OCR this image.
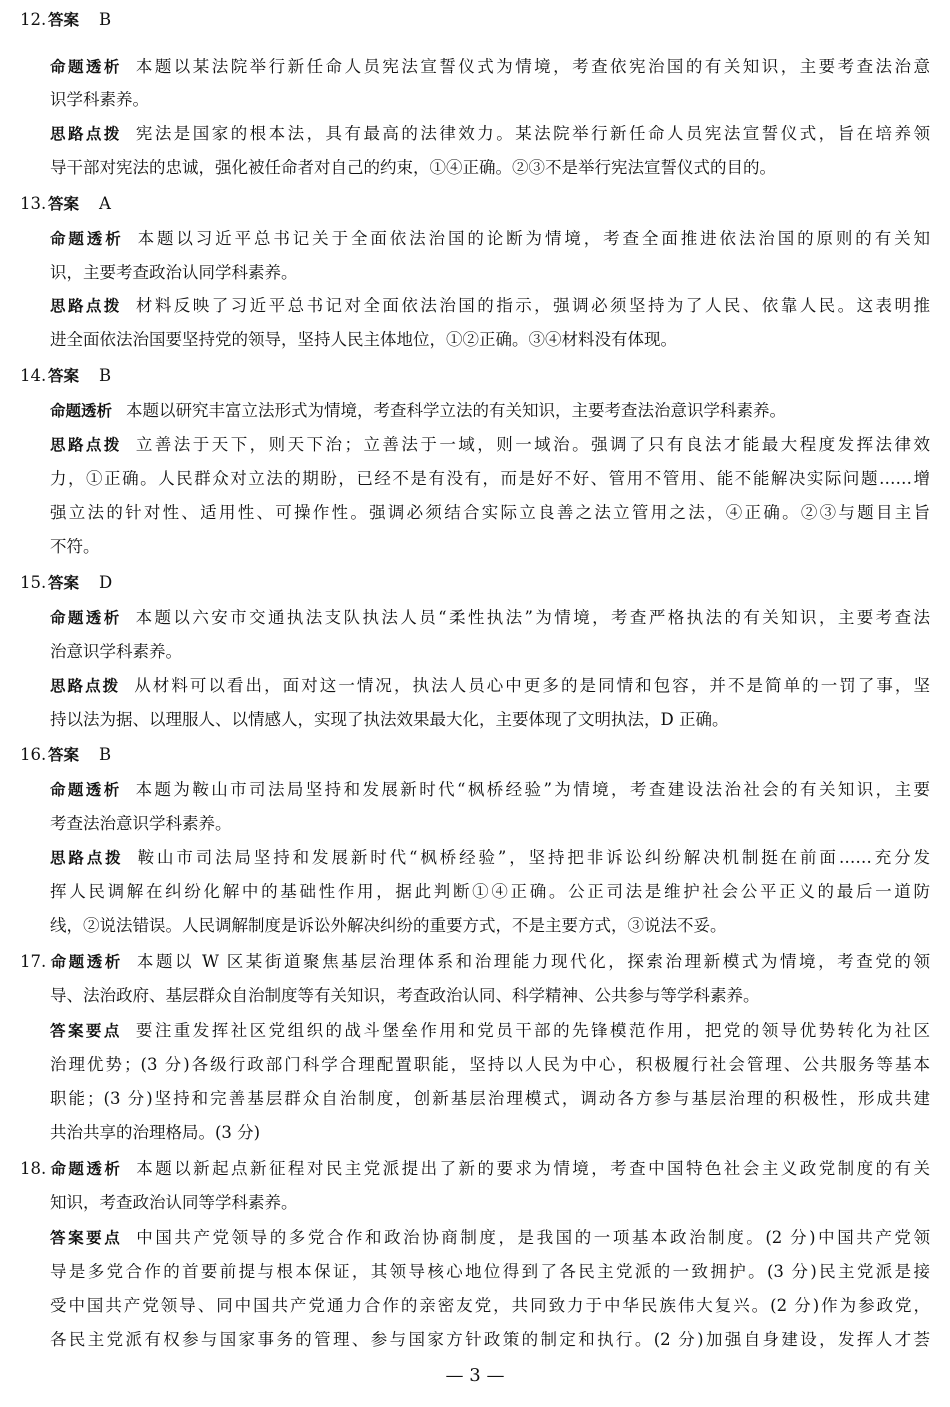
12. 答案 B
命题透析 本题以某法院举行新任命人员宪法宣誓仪式为情境，考查依宪治国的有关知识，主要考查法治意
识学科素养。
思路点拨 宪法是国家的根本法，具有最高的法律效力。某法院举行新任命人员宪法宣誓仪式，旨在培养领
导干部对宪法的忠诚，强化被任命者对自己的约束，①④正确。②③不是举行宪法宣誓仪式的目的。
13. 答案 A
命题透析 本题以习近平总书记关于全面依法治国的论断为情境，考查全面推进依法治国的原则的有关知
识，主要考查政治认同学科素养。
思路点拨 材料反映了习近平总书记对全面依法治国的指示，强调必须坚持为了人民、依靠人民。这表明推
进全面依法治国要坚持党的领导，坚持人民主体地位，①②正确。③④材料没有体现。
14. 答案 B
命题透析 本题以研究丰富立法形式为情境，考查科学立法的有关知识，主要考查法治意识学科素养。
思路点拨 立善法于天下，则天下治；立善法于一域，则一域治。强调了只有良法才能最大程度发挥法律效
力，①正确。人民群众对立法的期盼，已经不是有没有，而是好不好、管用不管用、能不能解决实际问题……增
强立法的针对性、适用性、可操作性。强调必须结合实际立良善之法立管用之法，④正确。②③与题目主旨
不符。
15. 答案 D
命题透析 本题以六安市交通执法支队执法人员“柔性执法”为情境，考查严格执法的有关知识，主要考查法
治意识学科素养。
思路点拨 从材料可以看出，面对这一情况，执法人员心中更多的是同情和包容，并不是简单的一罚了事，坚
持以法为据、以理服人、以情感人，实现了执法效果最大化，主要体现了文明执法，D 正确。
16. 答案 B
命题透析 本题为鞍山市司法局坚持和发展新时代“枫桥经验”为情境，考查建设法治社会的有关知识，主要
考查法治意识学科素养。
思路点拨 鞍山市司法局坚持和发展新时代“枫桥经验”，坚持把非诉讼纠纷解决机制挺在前面……充分发
挥人民调解在纠纷化解中的基础性作用，据此判断①④正确。公正司法是维护社会公平正义的最后一道防
线，②说法错误。人民调解制度是诉讼外解决纠纷的重要方式，不是主要方式，③说法不妥。
17. 命题透析 本题以 W 区某街道聚焦基层治理体系和治理能力现代化，探索治理新模式为情境，考查党的领
导、法治政府、基层群众自治制度等有关知识，考查政治认同、科学精神、公共参与等学科素养。
答案要点 要注重发挥社区党组织的战斗堡垒作用和党员干部的先锋模范作用，把党的领导优势转化为社区
治理优势；(3 分)各级行政部门科学合理配置职能，坚持以人民为中心，积极履行社会管理、公共服务等基本
职能；(3 分)坚持和完善基层群众自治制度，创新基层治理模式，调动各方参与基层治理的积极性，形成共建
共治共享的治理格局。(3 分)
18. 命题透析 本题以新起点新征程对民主党派提出了新的要求为情境，考查中国特色社会主义政党制度的有关
知识，考查政治认同等学科素养。
答案要点 中国共产党领导的多党合作和政治协商制度，是我国的一项基本政治制度。(2 分)中国共产党领
导是多党合作的首要前提与根本保证，其领导核心地位得到了各民主党派的一致拥护。(3 分)民主党派是接
受中国共产党领导、同中国共产党通力合作的亲密友党，共同致力于中华民族伟大复兴。(2 分)作为参政党，
各民主党派有权参与国家事务的管理、参与国家方针政策的制定和执行。(2 分)加强自身建设，发挥人才荟
— 3 —
